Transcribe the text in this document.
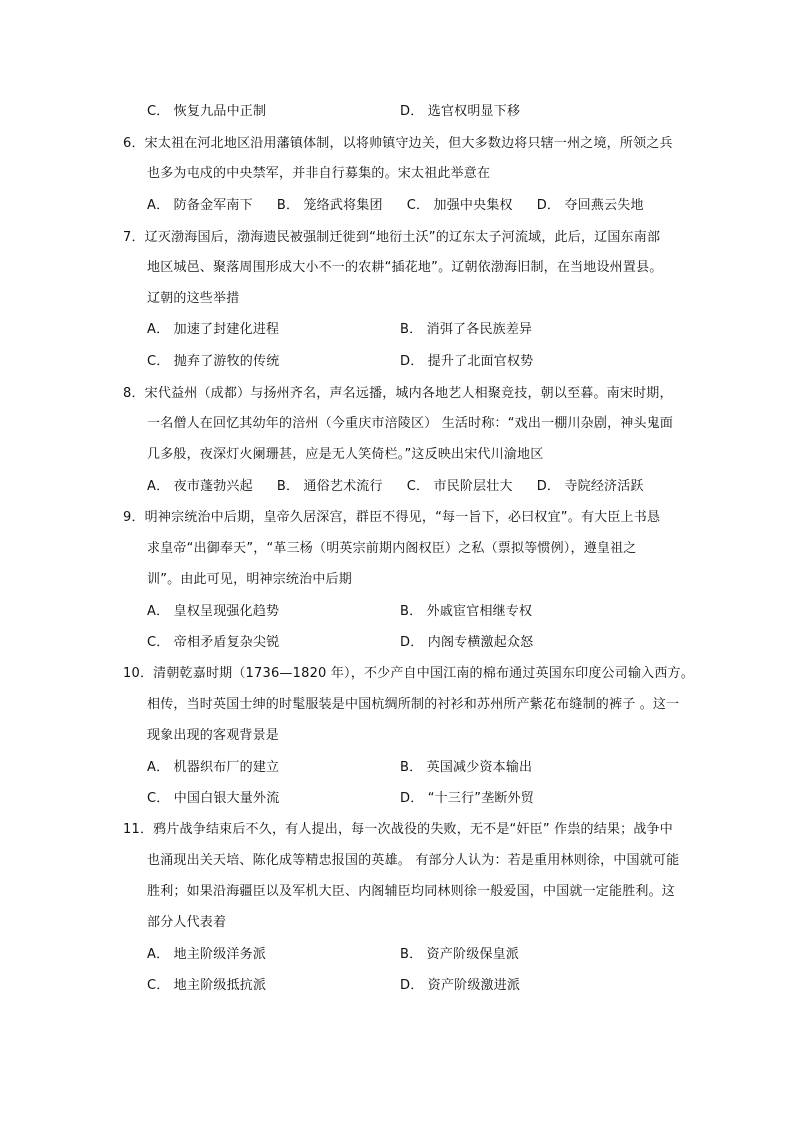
C． 恢复九品中正制	D． 选官权明显下移
6．宋太祖在河北地区沿用藩镇体制，以将帅镇守边关，但大多数边将只辖一州之境，所领之兵
也多为屯戍的中央禁军，并非自行募集的。宋太祖此举意在
A． 防备金军南下 B． 笼络武将集团 C． 加强中央集权 D． 夺回燕云失地
7．辽灭渤海国后，渤海遗民被强制迁徙到“地衍土沃”的辽东太子河流域，此后，辽国东南部
地区城邑、聚落周围形成大小不一的农耕“插花地”。辽朝依渤海旧制，在当地设州置县。
辽朝的这些举措
A． 加速了封建化进程	B． 消弭了各民族差异
C． 抛弃了游牧的传统	D． 提升了北面官权势
8．宋代益州（成都）与扬州齐名，声名远播，城内各地艺人相聚竞技，朝以至暮。南宋时期，
一名僧人在回忆其幼年的涪州（今重庆市涪陵区） 生活时称：“戏出一棚川杂剧，神头鬼面
几多般，夜深灯火阑珊甚，应是无人笑倚栏。”这反映出宋代川渝地区
A． 夜市蓬勃兴起 B． 通俗艺术流行 C． 市民阶层壮大 D． 寺院经济活跃
9．明神宗统治中后期，皇帝久居深宫，群臣不得见，“每一旨下，必曰权宜”。有大臣上书恳
求皇帝“出御奉天”，“革三杨（明英宗前期内阁权臣）之私（票拟等惯例），遵皇祖之
训”。由此可见，明神宗统治中后期
A． 皇权呈现强化趋势	B． 外戚宦官相继专权
C． 帝相矛盾复杂尖锐	D． 内阁专横激起众怒
10．清朝乾嘉时期（1736—1820 年），不少产自中国江南的棉布通过英国东印度公司输入西方。
相传，当时英国士绅的时髦服装是中国杭绸所制的衬衫和苏州所产紫花布缝制的裤子 。这一
现象出现的客观背景是
A． 机器织布厂的建立	B． 英国减少资本输出
C． 中国白银大量外流	D． “十三行”垄断外贸
11．鸦片战争结束后不久，有人提出，每一次战役的失败，无不是“奸臣” 作祟的结果；战争中
也涌现出关天培、陈化成等精忠报国的英雄。 有部分人认为：若是重用林则徐，中国就可能
胜利；如果沿海疆臣以及军机大臣、内阁辅臣均同林则徐一般爱国，中国就一定能胜利。这
部分人代表着
A． 地主阶级洋务派	B． 资产阶级保皇派
C． 地主阶级抵抗派	D． 资产阶级激进派
